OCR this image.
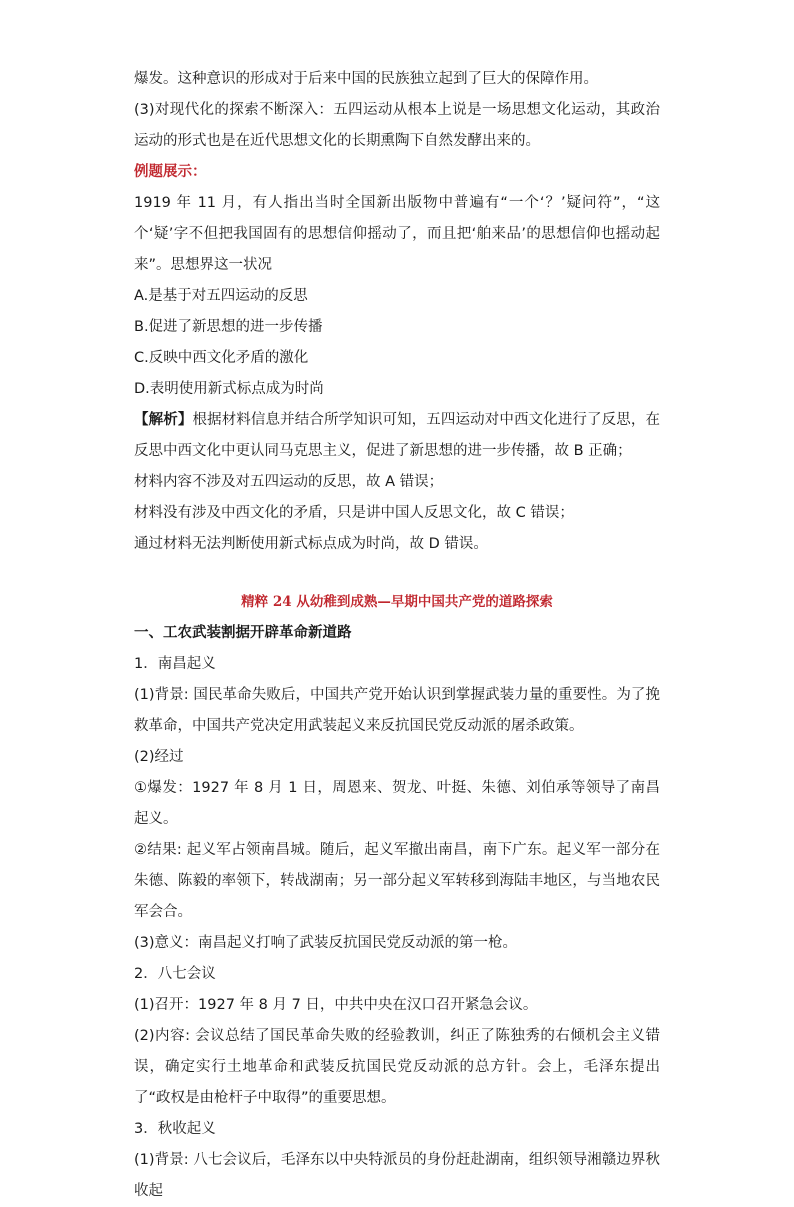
爆发。这种意识的形成对于后来中国的民族独立起到了巨大的保障作用。

(3)对现代化的探索不断深入：五四运动从根本上说是一场思想文化运动，其政治运动的形式也是在近代思想文化的长期熏陶下自然发酵出来的。

例题展示：

1919 年 11 月，有人指出当时全国新出版物中普遍有“一个‘？’疑问符”，“这个‘疑’字不但把我国固有的思想信仰摇动了，而且把‘舶来品’的思想信仰也摇动起来”。思想界这一状况

A.是基于对五四运动的反思

B.促进了新思想的进一步传播

C.反映中西文化矛盾的激化

D.表明使用新式标点成为时尚

【解析】根据材料信息并结合所学知识可知，五四运动对中西文化进行了反思，在反思中西文化中更认同马克思主义，促进了新思想的进一步传播，故 B 正确；

材料内容不涉及对五四运动的反思，故 A 错误；

材料没有涉及中西文化的矛盾，只是讲中国人反思文化，故 C 错误；

通过材料无法判断使用新式标点成为时尚，故 D 错误。

精粹 24 从幼稚到成熟—早期中国共产党的道路探索

一、工农武装割据开辟革命新道路

1．南昌起义

(1)背景: 国民革命失败后，中国共产党开始认识到掌握武装力量的重要性。为了挽救革命，中国共产党决定用武装起义来反抗国民党反动派的屠杀政策。

(2)经过

①爆发：1927 年 8 月 1 日，周恩来、贺龙、叶挺、朱德、刘伯承等领导了南昌起义。

②结果: 起义军占领南昌城。随后，起义军撤出南昌，南下广东。起义军一部分在朱德、陈毅的率领下，转战湖南；另一部分起义军转移到海陆丰地区，与当地农民军会合。

(3)意义：南昌起义打响了武装反抗国民党反动派的第一枪。

2．八七会议

(1)召开：1927 年 8 月 7 日，中共中央在汉口召开紧急会议。

(2)内容: 会议总结了国民革命失败的经验教训，纠正了陈独秀的右倾机会主义错误，确定实行土地革命和武装反抗国民党反动派的总方针。会上，毛泽东提出了“政权是由枪杆子中取得”的重要思想。

3．秋收起义

(1)背景: 八七会议后，毛泽东以中央特派员的身份赶赴湖南，组织领导湘赣边界秋收起
